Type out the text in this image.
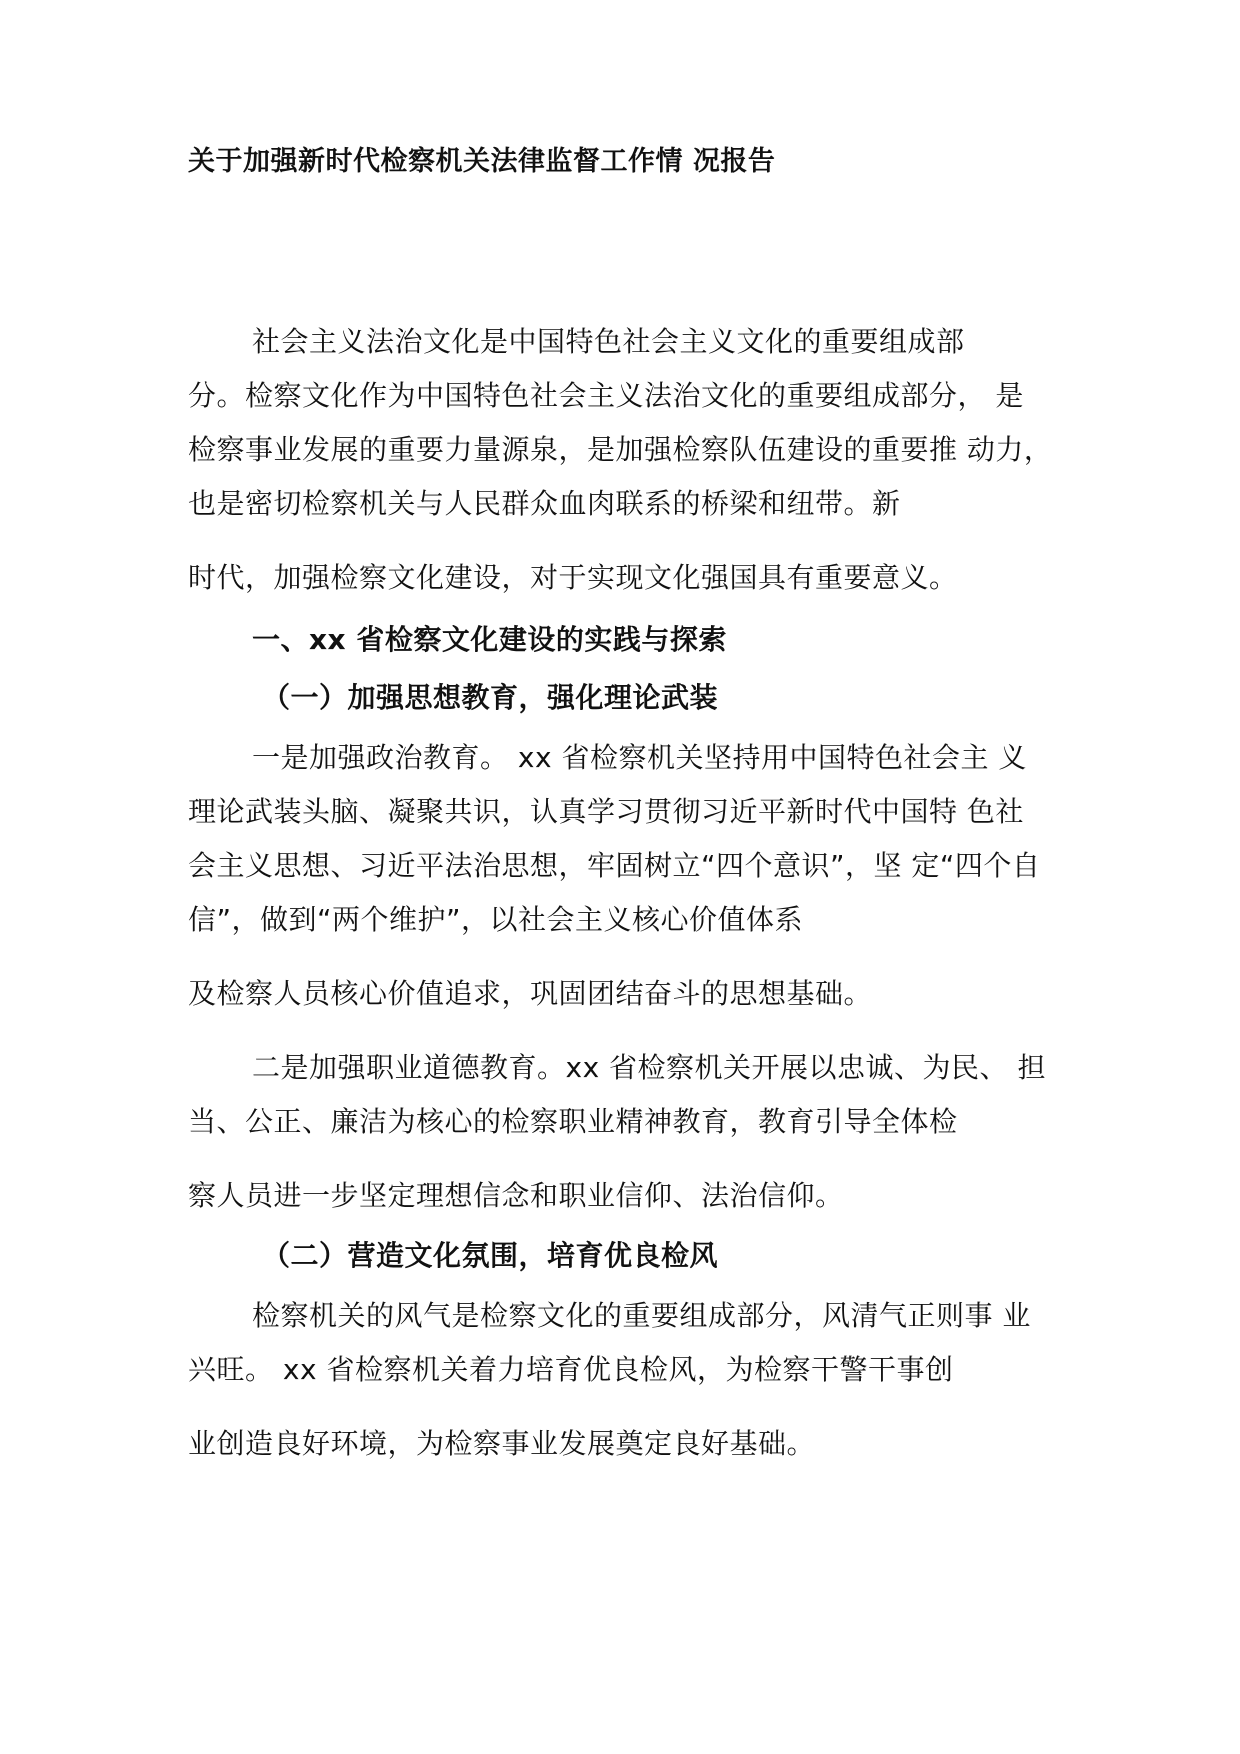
关于加强新时代检察机关法律监督工作情 况报告
社会主义法治文化是中国特色社会主义文化的重要组成部
分。检察文化作为中国特色社会主义法治文化的重要组成部分， 是
检察事业发展的重要力量源泉，是加强检察队伍建设的重要推 动力，
也是密切检察机关与人民群众血肉联系的桥梁和纽带。新
时代，加强检察文化建设，对于实现文化强国具有重要意义。
一、xx 省检察文化建设的实践与探索
（一）加强思想教育，强化理论武装
一是加强政治教育。 xx 省检察机关坚持用中国特色社会主 义
理论武装头脑、凝聚共识，认真学习贯彻习近平新时代中国特 色社
会主义思想、习近平法治思想，牢固树立“四个意识”，坚 定“四个自
信”，做到“两个维护”，以社会主义核心价值体系
及检察人员核心价值追求，巩固团结奋斗的思想基础。
二是加强职业道德教育。xx 省检察机关开展以忠诚、为民、 担
当、公正、廉洁为核心的检察职业精神教育，教育引导全体检
察人员进一步坚定理想信念和职业信仰、法治信仰。
（二）营造文化氛围，培育优良检风
检察机关的风气是检察文化的重要组成部分，风清气正则事 业
兴旺。 xx 省检察机关着力培育优良检风，为检察干警干事创
业创造良好环境，为检察事业发展奠定良好基础。
